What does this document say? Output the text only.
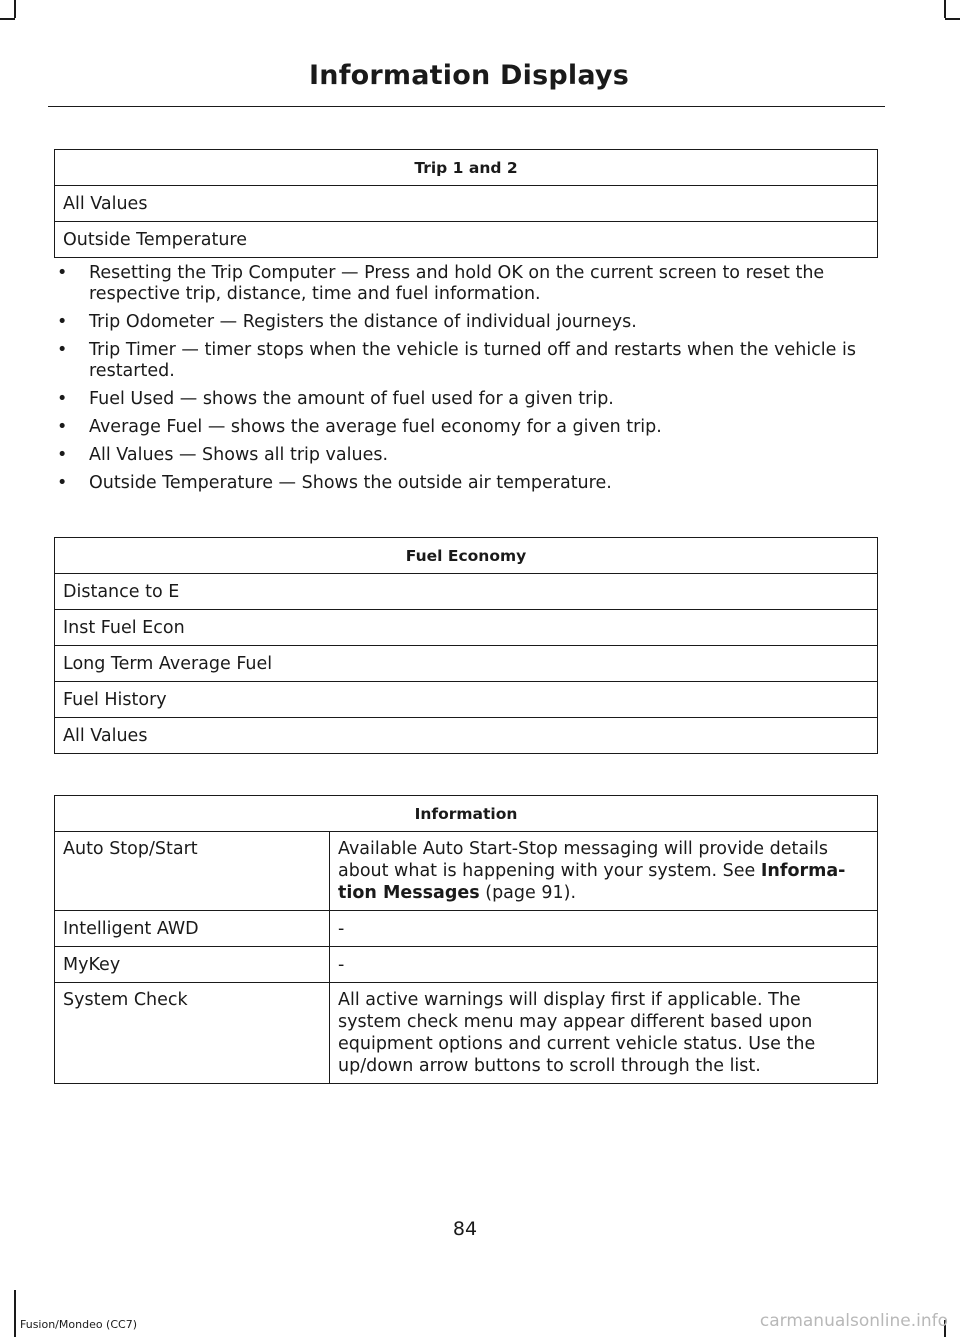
Information Displays
Trip 1 and 2
All Values
Outside Temperature
• Resetting the Trip Computer — Press and hold OK on the current screen to reset the respective trip, distance, time and fuel information.
• Trip Odometer — Registers the distance of individual journeys.
• Trip Timer — timer stops when the vehicle is turned off and restarts when the vehicle is restarted.
• Fuel Used — shows the amount of fuel used for a given trip.
• Average Fuel — shows the average fuel economy for a given trip.
• All Values — Shows all trip values.
• Outside Temperature — Shows the outside air temperature.
Fuel Economy
Distance to E
Inst Fuel Econ
Long Term Average Fuel
Fuel History
All Values
Information	
Auto Stop/Start	Available Auto Start-Stop messaging will provide details about what is happening with your system. See Informa-tion Messages (page 91).
Intelligent AWD	-
MyKey	-
System Check	All active warnings will display first if applicable. The system check menu may appear different based upon equipment options and current vehicle status. Use the up/down arrow buttons to scroll through the list.
84
Fusion/Mondeo (CC7)	carmanualsonline.info
